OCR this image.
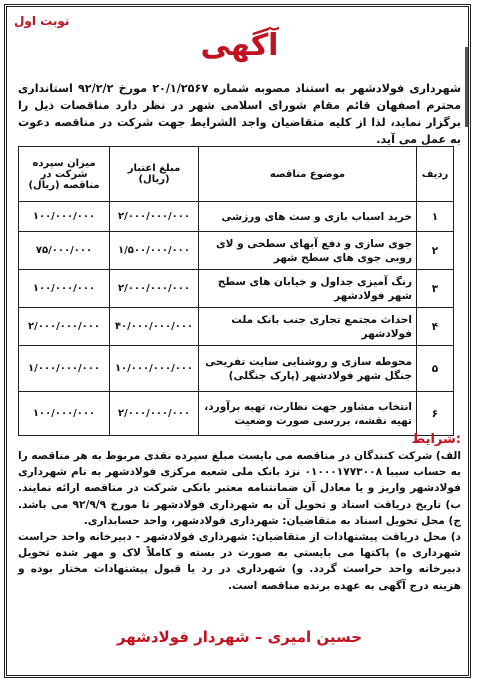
نوبت اول
آگهی
شهرداری فولادشهر به استناد مصوبه شماره ۲۰/۱/۲۵۶۷ مورخ ۹۲/۲/۲ استانداری محترم اصفهان قائم مقام شورای اسلامی شهر در نظر دارد مناقصات ذیل را برگزار نماید، لذا از کلیه متقاضیان واجد الشرایط جهت شرکت در مناقصه دعوت به عمل می آید.
ردیف	موضوع مناقصه	مبلغ اعتبار (ریال)	میزان سپرده شرکت در مناقصه (ریال)
۱	خرید اسباب بازی و ست های ورزشی	۲/۰۰۰/۰۰۰/۰۰۰	۱۰۰/۰۰۰/۰۰۰
۲	جوی سازی و دفع آبهای سطحی و لای روبی جوی های سطح شهر	۱/۵۰۰/۰۰۰/۰۰۰	۷۵/۰۰۰/۰۰۰
۳	رنگ آمیزی جداول و خیابان های سطح شهر فولادشهر	۲/۰۰۰/۰۰۰/۰۰۰	۱۰۰/۰۰۰/۰۰۰
۴	احداث مجتمع تجاری جنب بانک ملت فولادشهر	۴۰/۰۰۰/۰۰۰/۰۰۰	۲/۰۰۰/۰۰۰/۰۰۰
۵	محوطه سازی و روشنایی سایت تفریحی جنگل شهر فولادشهر (پارک جنگلی)	۱۰/۰۰۰/۰۰۰/۰۰۰	۱/۰۰۰/۰۰۰/۰۰۰
۶	انتخاب مشاور جهت نظارت، تهیه برآورد، تهیه نقشه، بررسی صورت وضعیت	۲/۰۰۰/۰۰۰/۰۰۰	۱۰۰/۰۰۰/۰۰۰
شرایط:

الف) شرکت کنندگان در مناقصه می بایست مبلغ سپرده نقدی مربوط به هر مناقصه را به حساب سیبا ۰۱۰۰۰۱۷۷۳۰۰۸ نزد بانک ملی شعبه مرکزی فولادشهر به نام شهرداری فولادشهر واریز و یا معادل آن ضمانتنامه معتبر بانکی شرکت در مناقصه ارائه نمایند. ب) تاریخ دریافت اسناد و تحویل آن به شهرداری فولادشهر تا مورخ ۹۲/۹/۹ می باشد. ج) محل تحویل اسناد به متقاضیان: شهرداری فولادشهر، واحد حسابداری.

د) محل دریافت پیشنهادات از متقاضیان: شهرداری فولادشهر - دبیرخانه واحد حراست شهرداری ه) پاکتها می بایستی به صورت در بسته و کاملاً لاک و مهر شده تحویل دبیرخانه واحد حراست گردد. و) شهرداری در رد یا قبول پیشنهادات مختار بوده و هزینه درج آگهی به عهده برنده مناقصه است.

حسین امیری – شهردار فولادشهر
